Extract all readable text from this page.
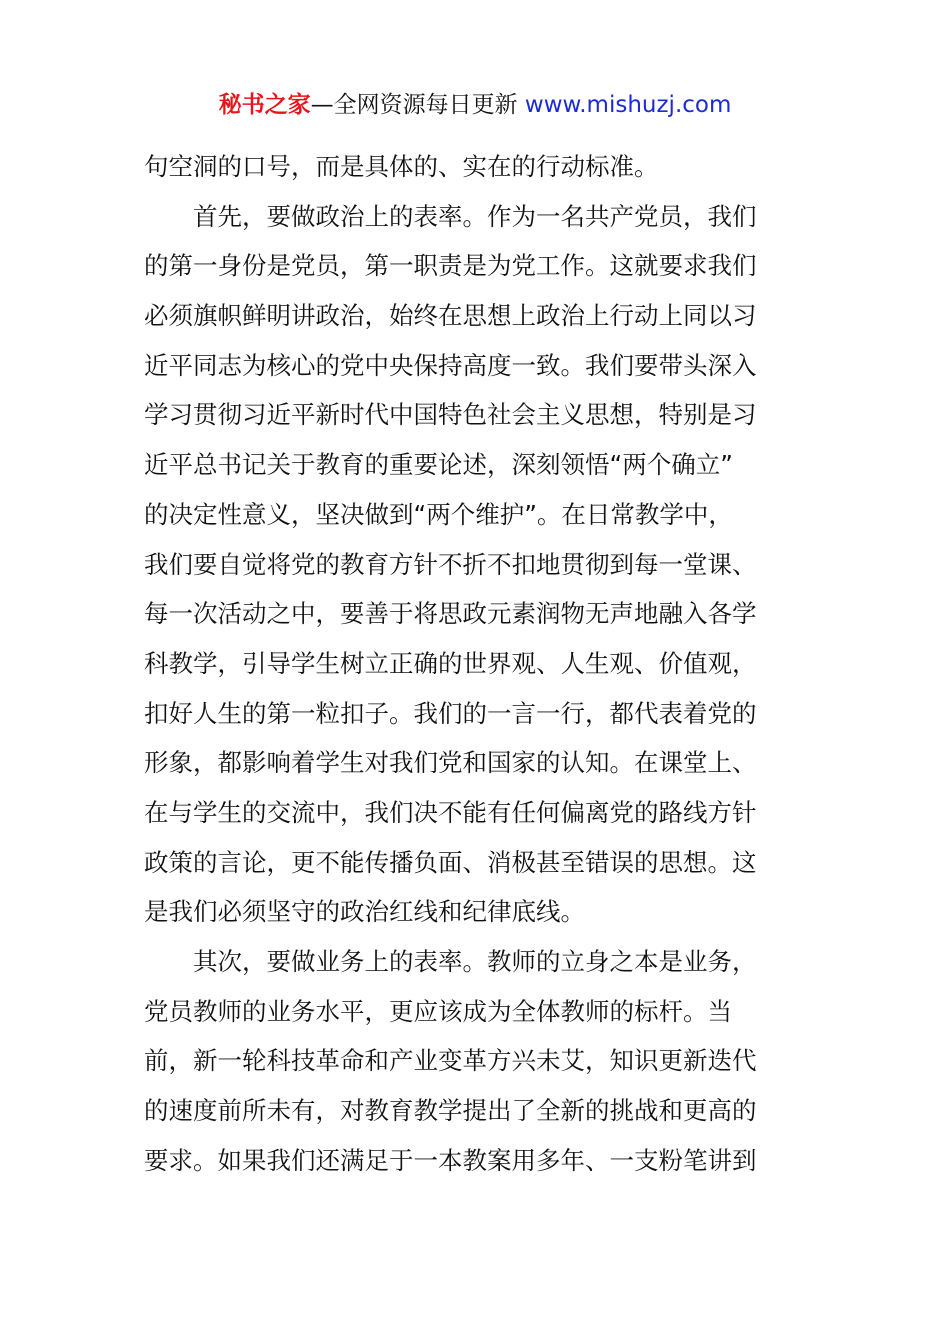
秘书之家—全网资源每日更新 www.mishuzj.com
句空洞的口号，而是具体的、实在的行动标准。
首先，要做政治上的表率。作为一名共产党员，我们
的第一身份是党员，第一职责是为党工作。这就要求我们
必须旗帜鲜明讲政治，始终在思想上政治上行动上同以习
近平同志为核心的党中央保持高度一致。我们要带头深入
学习贯彻习近平新时代中国特色社会主义思想，特别是习
近平总书记关于教育的重要论述，深刻领悟“两个确立”
的决定性意义，坚决做到“两个维护”。在日常教学中，
我们要自觉将党的教育方针不折不扣地贯彻到每一堂课、
每一次活动之中，要善于将思政元素润物无声地融入各学
科教学，引导学生树立正确的世界观、人生观、价值观，
扣好人生的第一粒扣子。我们的一言一行，都代表着党的
形象，都影响着学生对我们党和国家的认知。在课堂上、
在与学生的交流中，我们决不能有任何偏离党的路线方针
政策的言论，更不能传播负面、消极甚至错误的思想。这
是我们必须坚守的政治红线和纪律底线。
其次，要做业务上的表率。教师的立身之本是业务，
党员教师的业务水平，更应该成为全体教师的标杆。当
前，新一轮科技革命和产业变革方兴未艾，知识更新迭代
的速度前所未有，对教育教学提出了全新的挑战和更高的
要求。如果我们还满足于一本教案用多年、一支粉笔讲到
